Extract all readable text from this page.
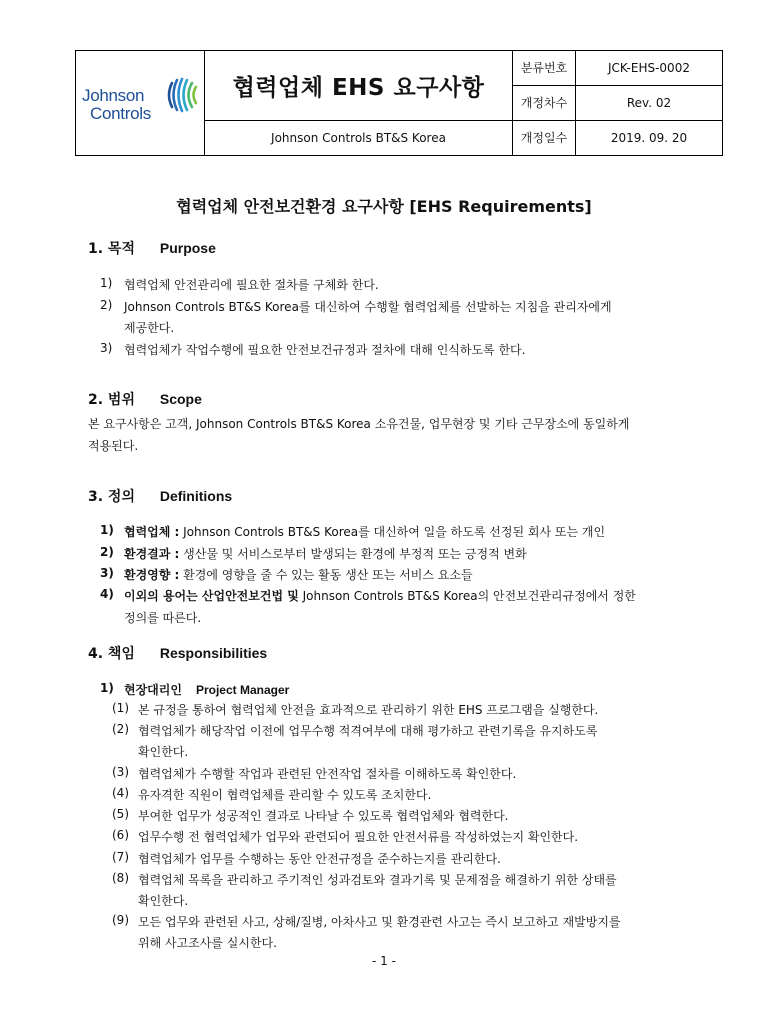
Johnson
Controls	협력업체 EHS 요구사항	분류번호	JCK-EHS-0002
		개정차수	Rev. 02
	Johnson Controls BT&S Korea	개정일수	2019. 09. 20
협력업체 안전보건환경 요구사항 [EHS Requirements]
1. 목적 Purpose
1) 협력업체 안전관리에 필요한 절차를 구체화 한다.
2) Johnson Controls BT&S Korea를 대신하여 수행할 협력업체를 선발하는 지침을 관리자에게
제공한다.
3) 협력업체가 작업수행에 필요한 안전보건규정과 절차에 대해 인식하도록 한다.
2. 범위 Scope
본 요구사항은 고객, Johnson Controls BT&S Korea 소유건물, 업무현장 및 기타 근무장소에 동일하게
적용된다.
3. 정의 Definitions
1) 협력업체 : Johnson Controls BT&S Korea를 대신하여 일을 하도록 선정된 회사 또는 개인
2) 환경결과 : 생산물 및 서비스로부터 발생되는 환경에 부정적 또는 긍정적 변화
3) 환경영향 : 환경에 영향을 줄 수 있는 활동 생산 또는 서비스 요소들
4) 이외의 용어는 산업안전보건법 및 Johnson Controls BT&S Korea의 안전보건관리규정에서 정한
정의를 따른다.
4. 책임 Responsibilities
1) 현장대리인 Project Manager
(1) 본 규정을 통하여 협력업체 안전을 효과적으로 관리하기 위한 EHS 프로그램을 실행한다.
(2) 협력업체가 해당작업 이전에 업무수행 적격여부에 대해 평가하고 관련기록을 유지하도록
확인한다.
(3) 협력업체가 수행할 작업과 관련된 안전작업 절차를 이해하도록 확인한다.
(4) 유자격한 직원이 협력업체를 관리할 수 있도록 조치한다.
(5) 부여한 업무가 성공적인 결과로 나타날 수 있도록 협력업체와 협력한다.
(6) 업무수행 전 협력업체가 업무와 관련되어 필요한 안전서류를 작성하였는지 확인한다.
(7) 협력업체가 업무를 수행하는 동안 안전규정을 준수하는지를 관리한다.
(8) 협력업체 목록을 관리하고 주기적인 성과검토와 결과기록 및 문제점을 해결하기 위한 상태를
확인한다.
(9) 모든 업무와 관련된 사고, 상해/질병, 아차사고 및 환경관련 사고는 즉시 보고하고 재발방지를
위해 사고조사를 실시한다.
- 1 -
